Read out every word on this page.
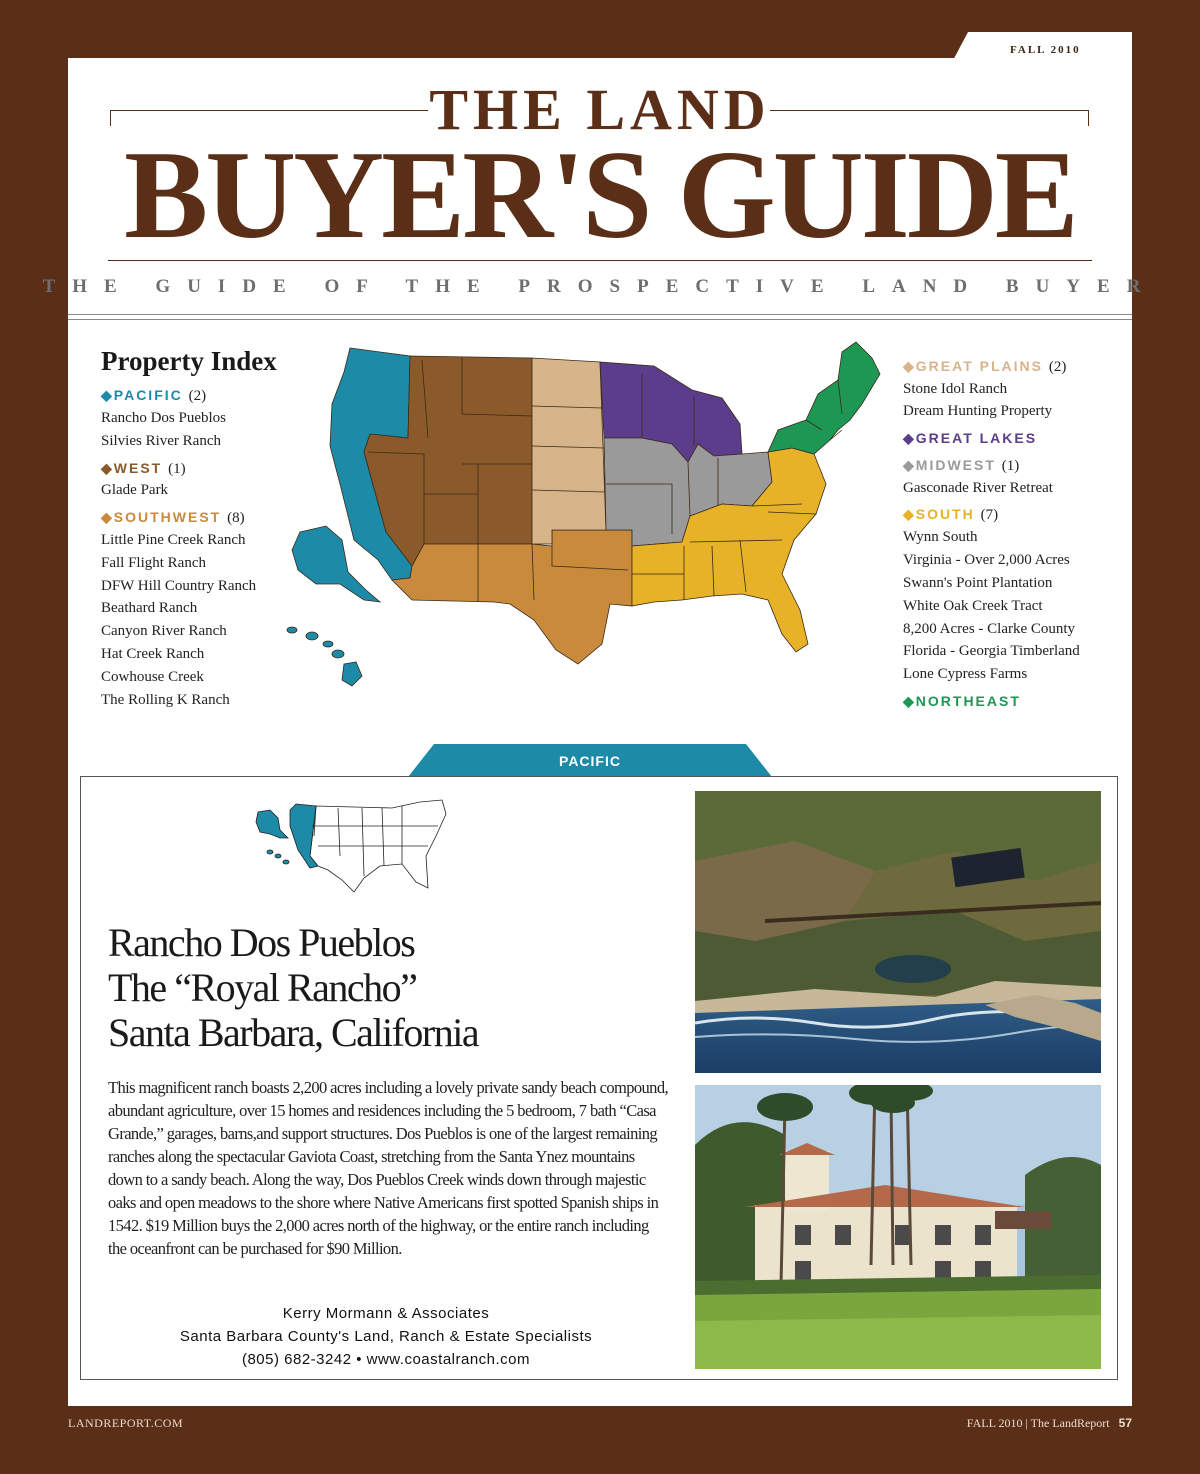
FALL 2010
THE LAND
BUYER'S GUIDE
THE GUIDE OF THE PROSPECTIVE LAND BUYER
Property Index
◆PACIFIC (2)
Rancho Dos Pueblos
Silvies River Ranch
◆WEST (1)
Glade Park
◆SOUTHWEST (8)
Little Pine Creek Ranch
Fall Flight Ranch
DFW Hill Country Ranch
Beathard Ranch
Canyon River Ranch
Hat Creek Ranch
Cowhouse Creek
The Rolling K Ranch
◆GREAT PLAINS (2)
Stone Idol Ranch
Dream Hunting Property
◆GREAT LAKES
◆MIDWEST (1)
Gasconade River Retreat
◆SOUTH (7)
Wynn South
Virginia - Over 2,000 Acres
Swann's Point Plantation
White Oak Creek Tract
8,200 Acres - Clarke County
Florida - Georgia Timberland
Lone Cypress Farms
◆NORTHEAST
PACIFIC
Rancho Dos Pueblos
The “Royal Rancho”
Santa Barbara, California
This magnificent ranch boasts 2,200 acres including a lovely private sandy beach compound, abundant agriculture, over 15 homes and residences including the 5 bedroom, 7 bath “Casa Grande,” garages, barns,and support structures. Dos Pueblos is one of the largest remaining ranches along the spectacular Gaviota Coast, stretching from the Santa Ynez mountains down to a sandy beach. Along the way, Dos Pueblos Creek winds down through majestic oaks and open meadows to the shore where Native Americans first spotted Spanish ships in 1542. $19 Million buys the 2,000 acres north of the highway, or the entire ranch including the oceanfront can be purchased for $90 Million.
Kerry Mormann & Associates
Santa Barbara County's Land, Ranch & Estate Specialists
(805) 682-3242 • www.coastalranch.com
LANDREPORT.COM	FALL 2010 | The LandReport 57
